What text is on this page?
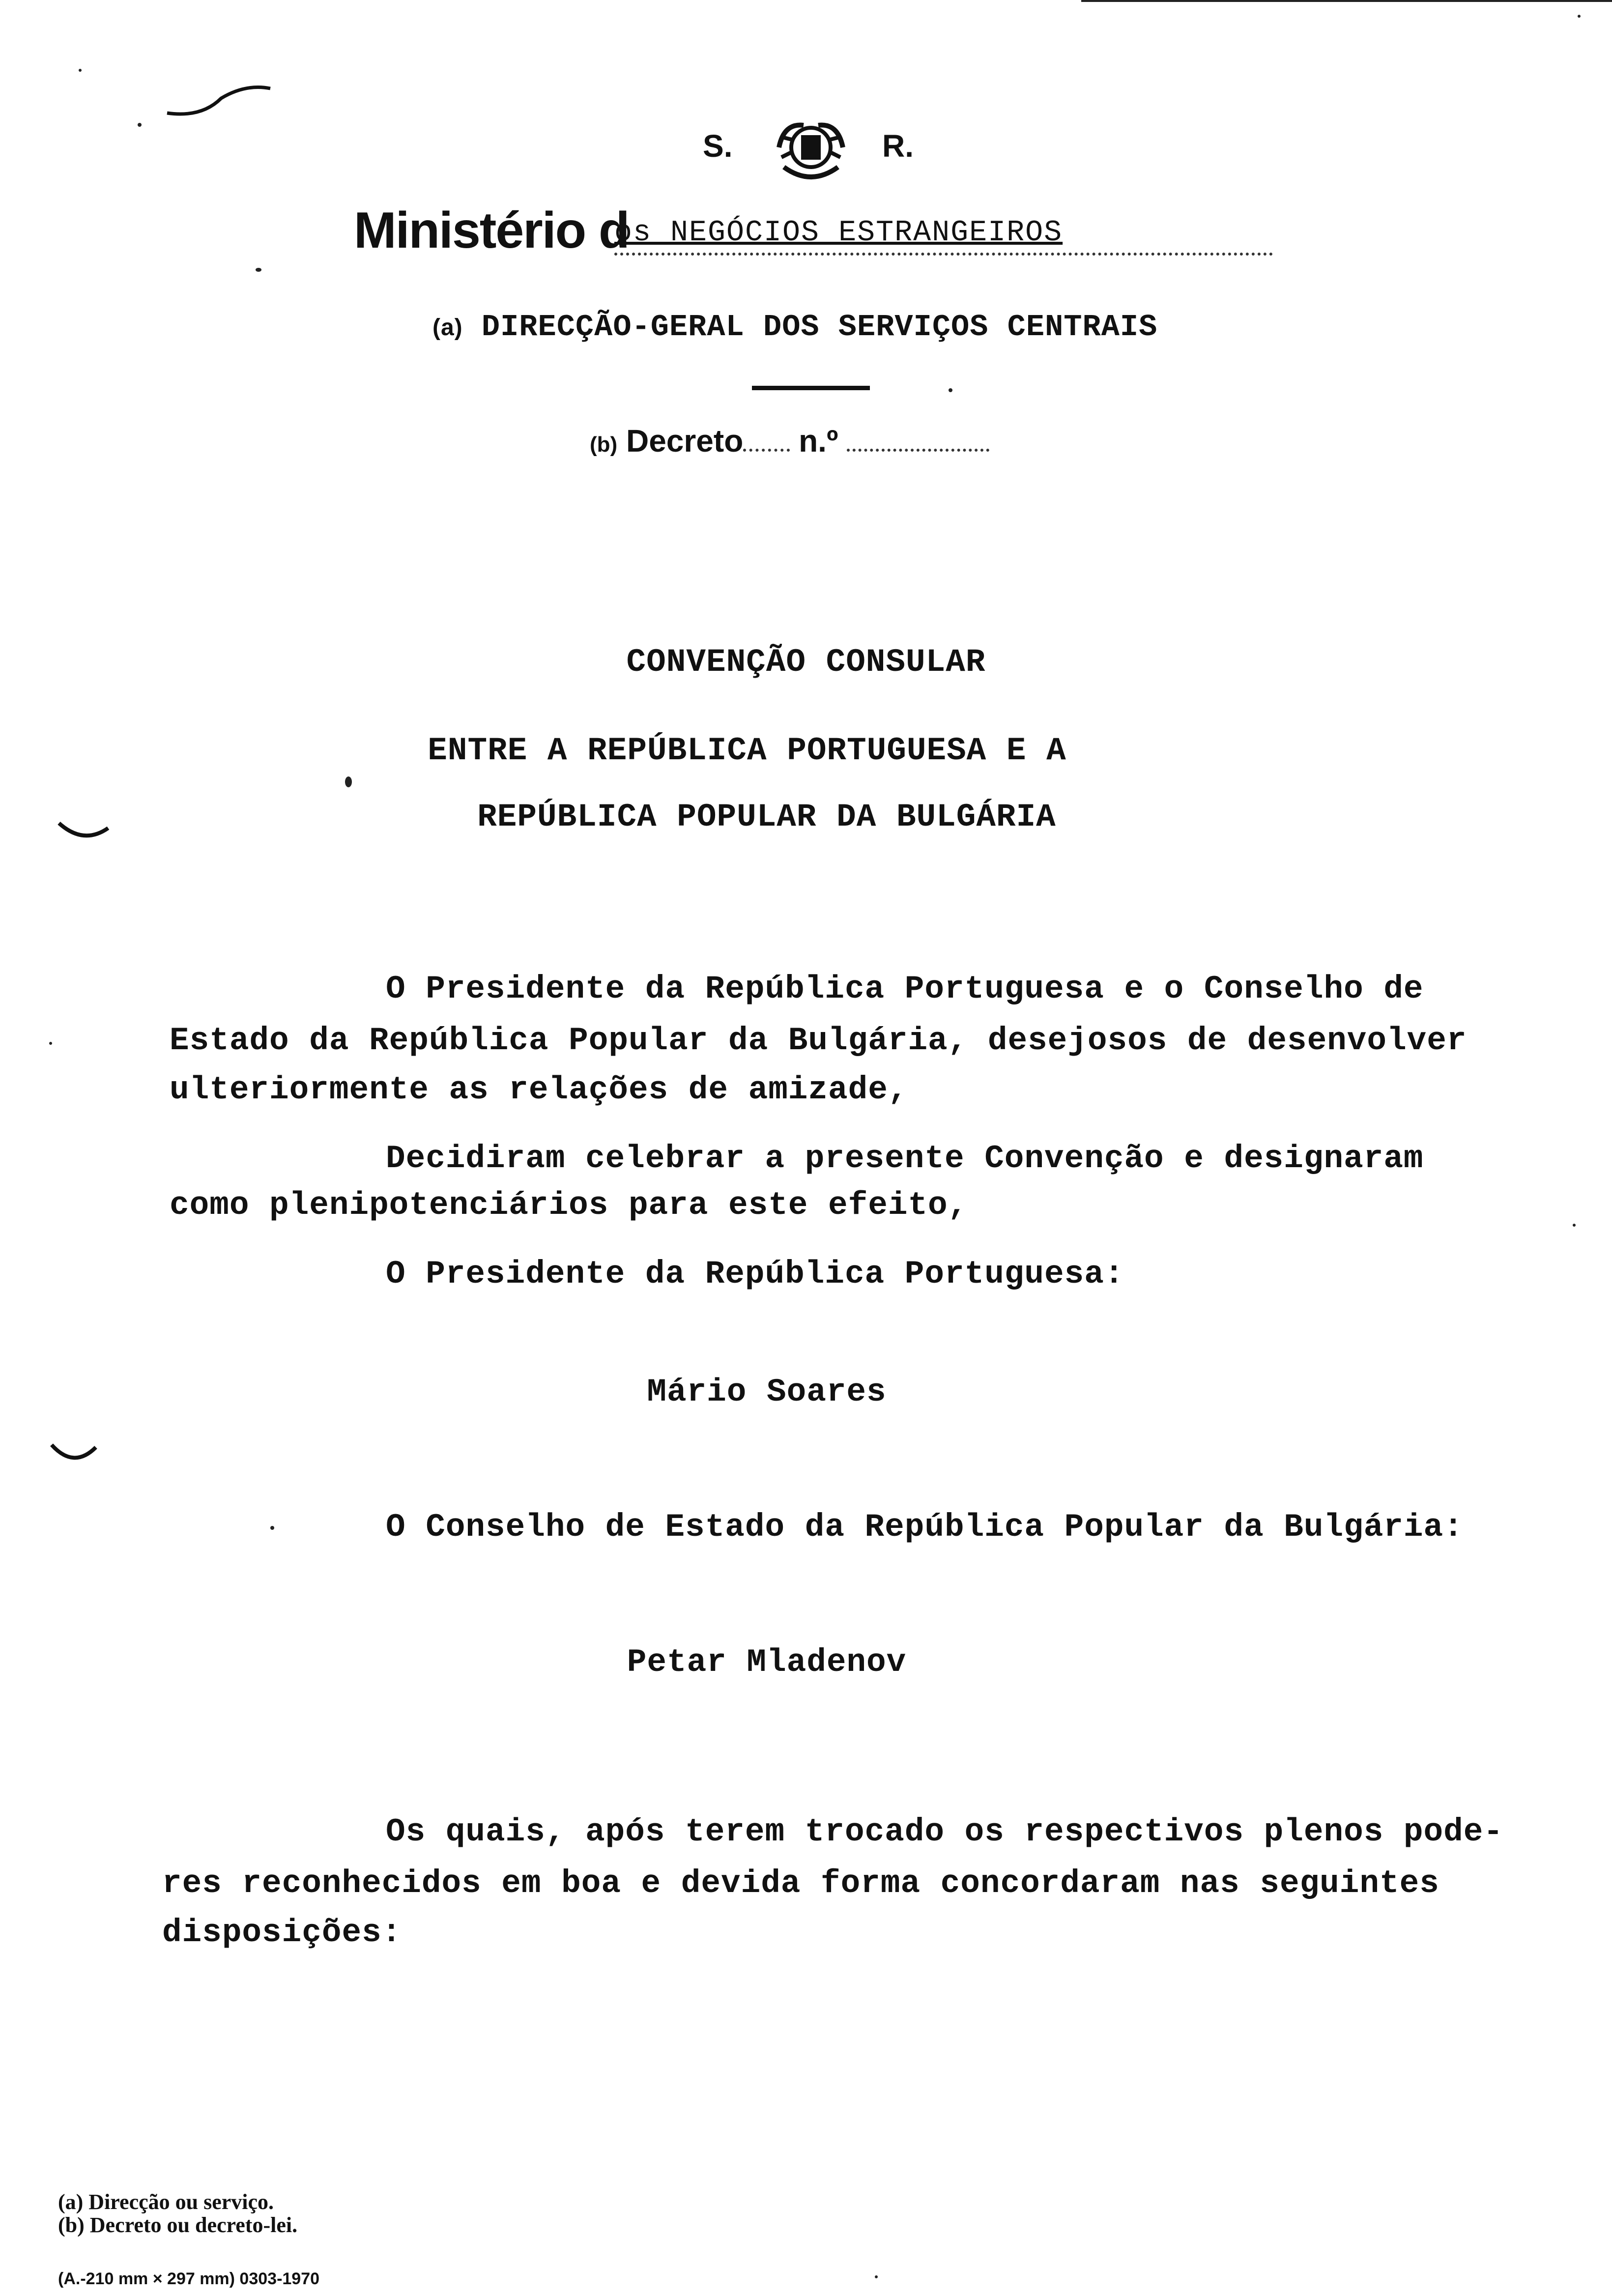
S.	R.
Ministério d
os NEGÓCIOS ESTRANGEIROS
(a) DIRECÇÃO-GERAL DOS SERVIÇOS CENTRAIS
(b) Decreto n.º
CONVENÇÃO CONSULAR
ENTRE A REPÚBLICA PORTUGUESA E A
REPÚBLICA POPULAR DA BULGÁRIA
O Presidente da República Portuguesa e o Conselho de
Estado da República Popular da Bulgária, desejosos de desenvolver
ulteriormente as relações de amizade,
Decidiram celebrar a presente Convenção e designaram
como plenipotenciários para este efeito,
O Presidente da República Portuguesa:
Mário Soares
O Conselho de Estado da República Popular da Bulgária:
Petar Mladenov
Os quais, após terem trocado os respectivos plenos pode-
res reconhecidos em boa e devida forma concordaram nas seguintes
disposições:
(a) Direcção ou serviço.
(b) Decreto ou decreto-lei.
(A.-210 mm × 297 mm) 0303-1970
